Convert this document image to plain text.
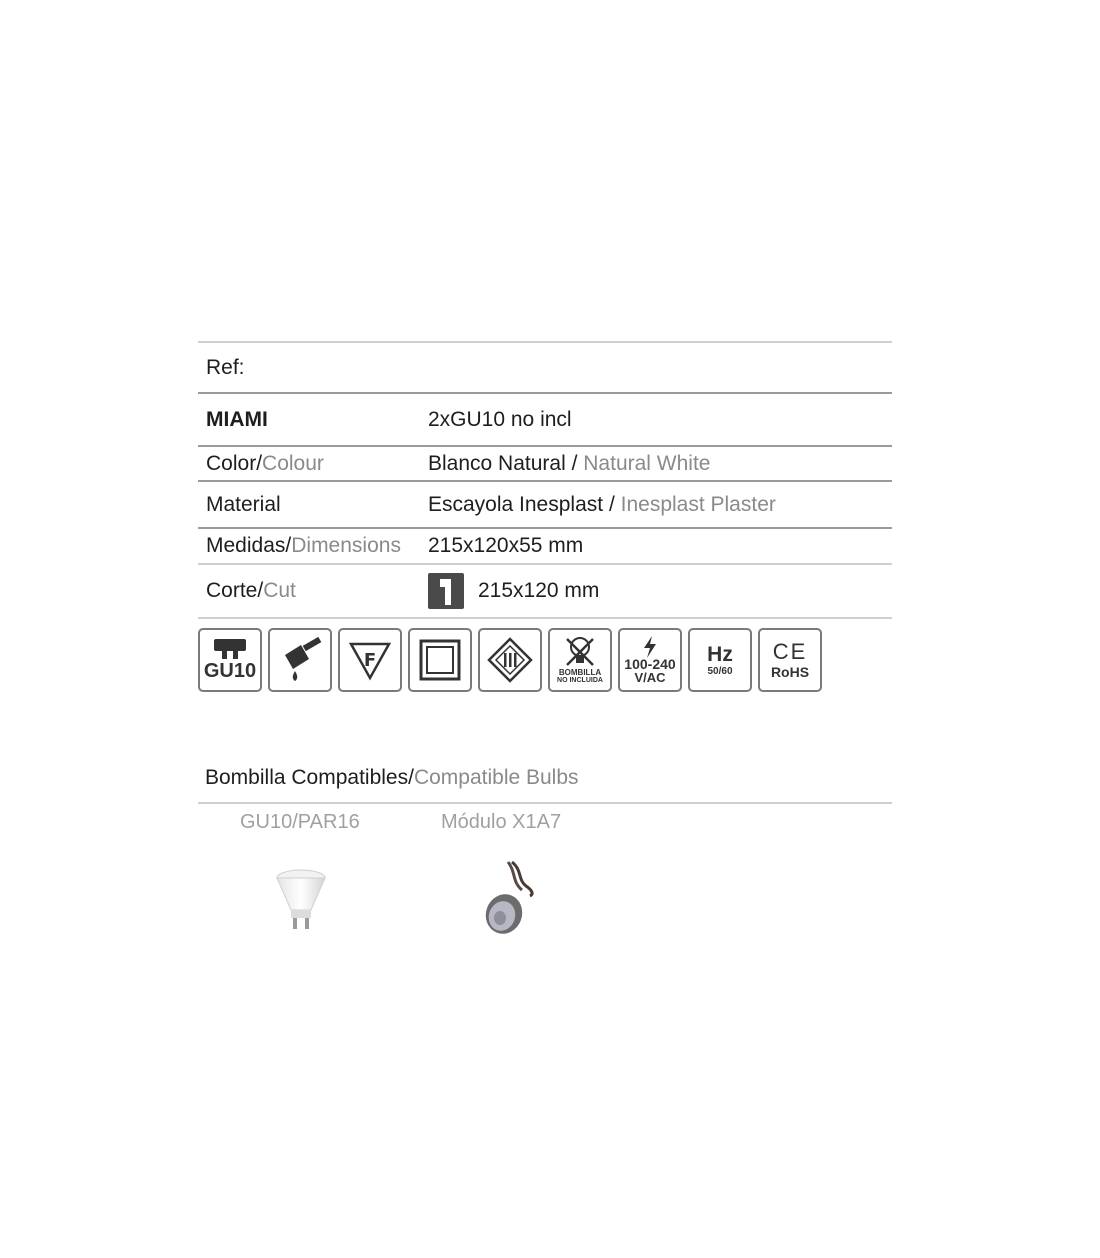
Ref:
MIAMI	2xGU10 no incl
Color/Colour	Blanco Natural / Natural White
Material	Escayola Inesplast / Inesplast Plaster
Medidas/Dimensions	215x120x55 mm
Corte/Cut	215x120 mm
GU10	F
BOMBILLA
NO INCLUIDA
100-240
V/AC
Hz
50/60
CE
RoHS
Bombilla Compatibles/Compatible Bulbs
GU10/PAR16	Módulo X1A7
